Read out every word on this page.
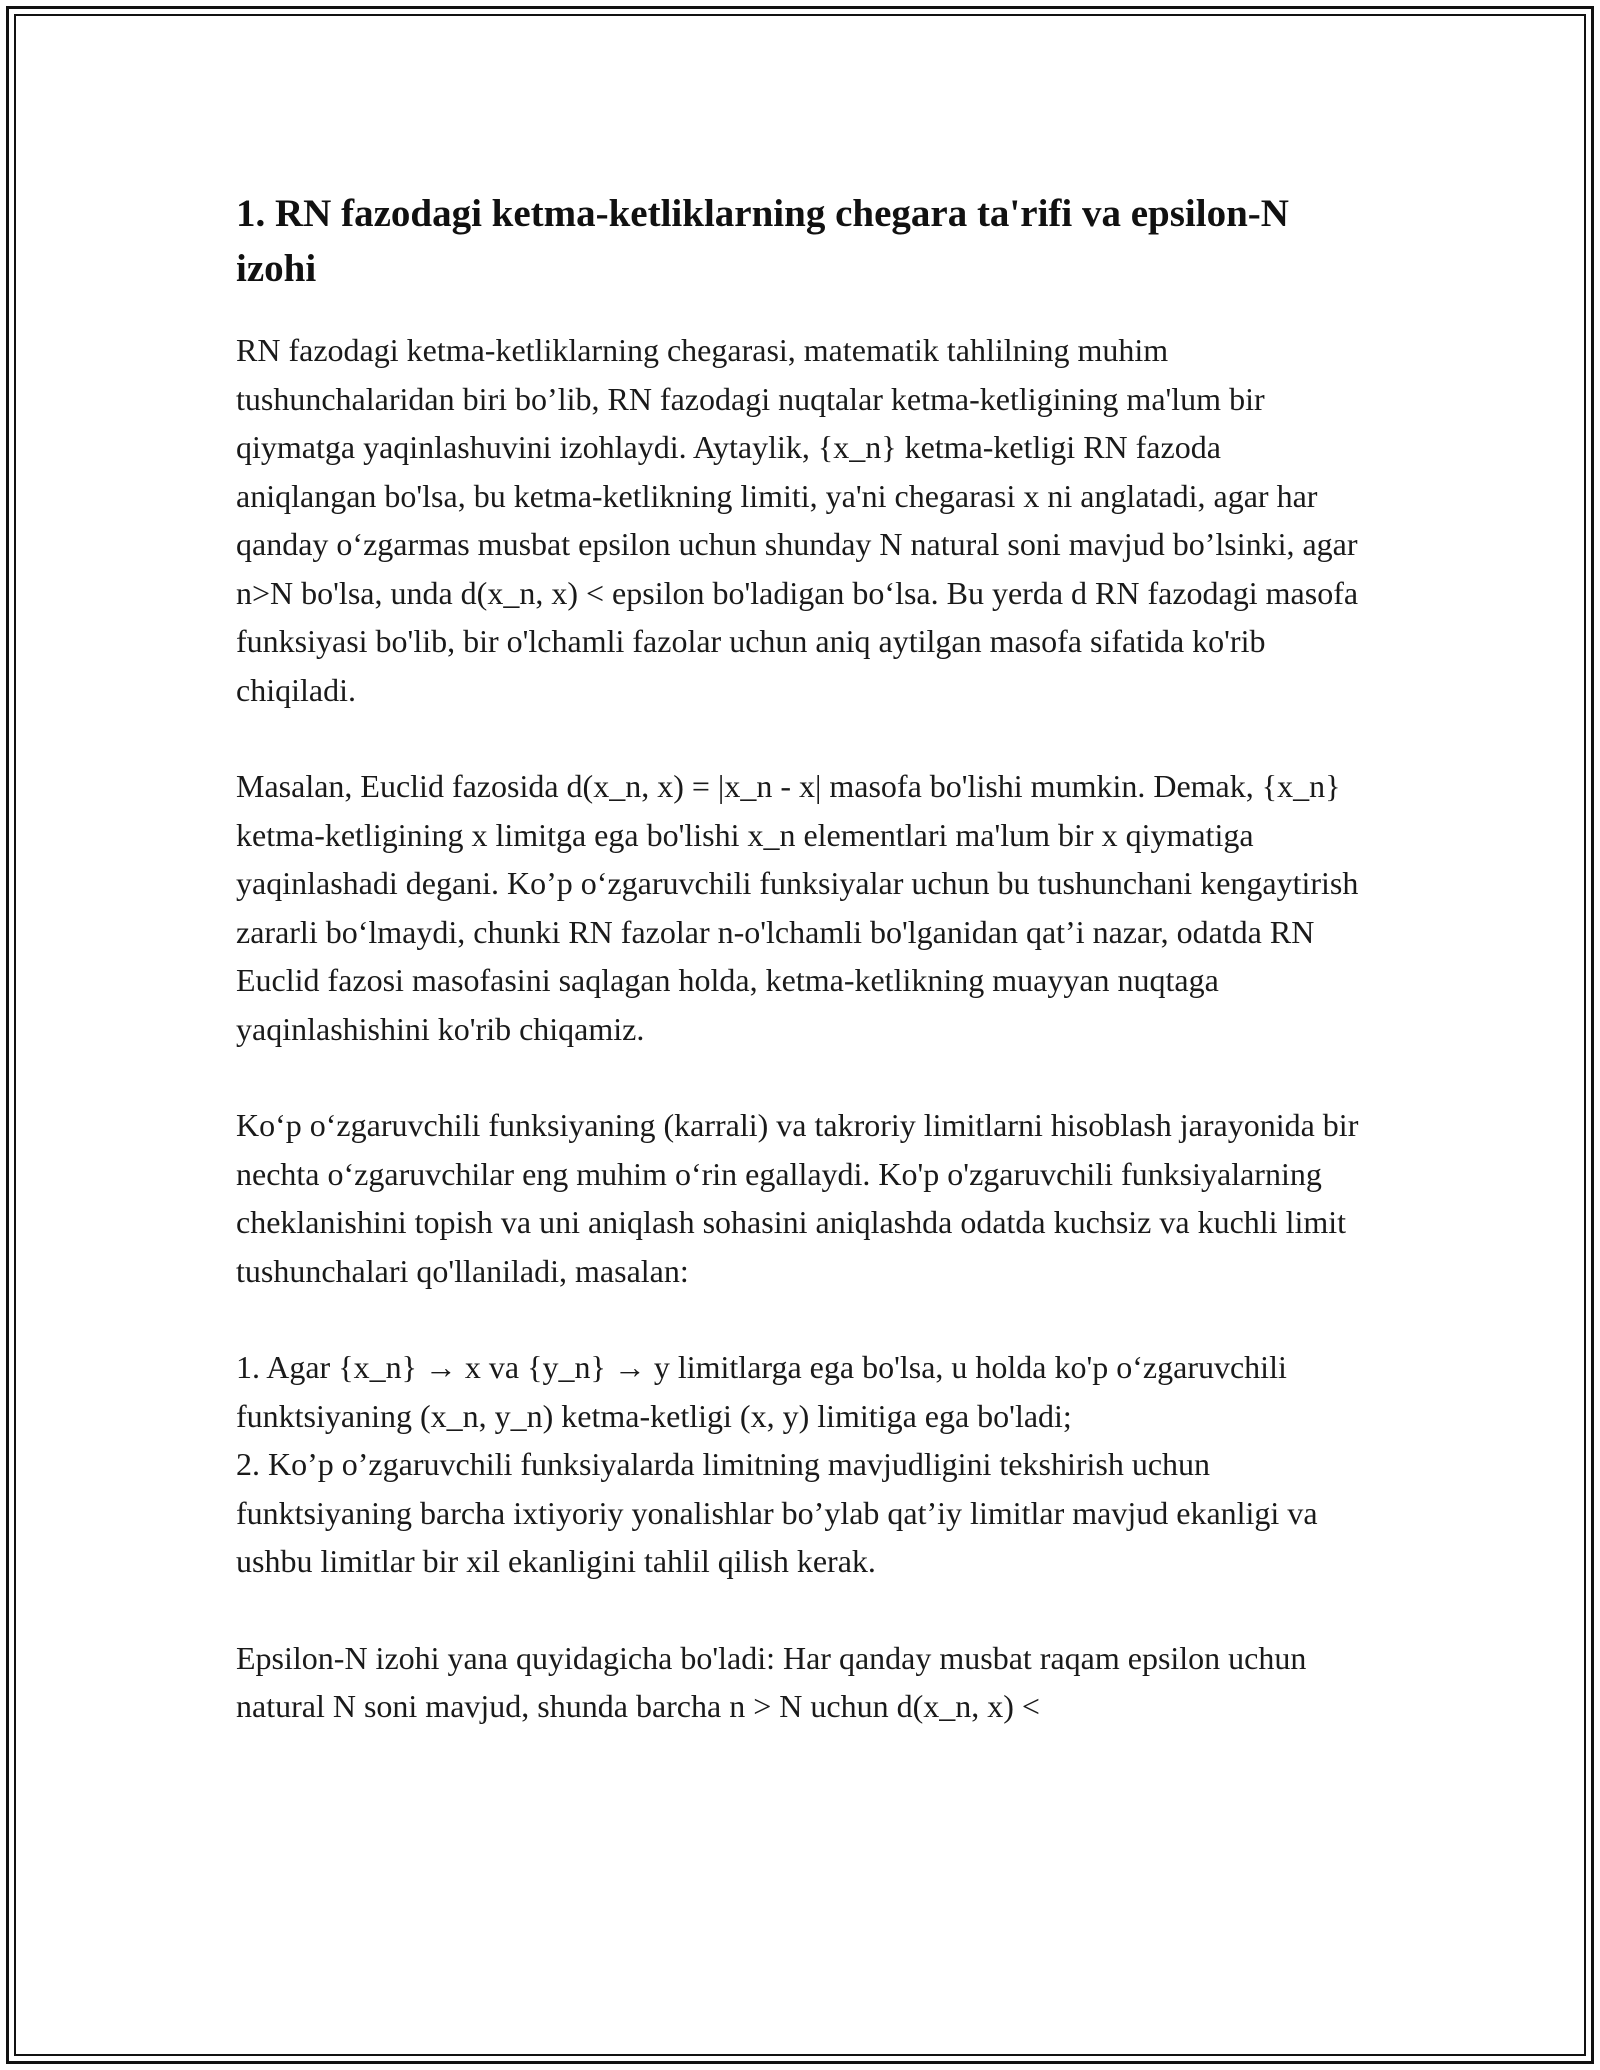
1. RN fazodagi ketma-ketliklarning chegara ta'rifi va epsilon-N izohi

RN fazodagi ketma-ketliklarning chegarasi, matematik tahlilning muhim tushunchalaridan biri bo’lib, RN fazodagi nuqtalar ketma-ketligining ma'lum bir qiymatga yaqinlashuvini izohlaydi. Aytaylik, {x_n} ketma-ketligi RN fazoda aniqlangan bo'lsa, bu ketma-ketlikning limiti, ya'ni chegarasi x ni anglatadi, agar har qanday o‘zgarmas musbat epsilon uchun shunday N natural soni mavjud bo’lsinki, agar n>N bo'lsa, unda d(x_n, x) < epsilon bo'ladigan bo‘lsa. Bu yerda d RN fazodagi masofa funksiyasi bo'lib, bir o'lchamli fazolar uchun aniq aytilgan masofa sifatida ko'rib chiqiladi.

Masalan, Euclid fazosida d(x_n, x) = |x_n - x| masofa bo'lishi mumkin. Demak, {x_n} ketma-ketligining x limitga ega bo'lishi x_n elementlari ma'lum bir x qiymatiga yaqinlashadi degani. Ko’p o‘zgaruvchili funksiyalar uchun bu tushunchani kengaytirish zararli bo‘lmaydi, chunki RN fazolar n-o'lchamli bo'lganidan qat’i nazar, odatda RN Euclid fazosi masofasini saqlagan holda, ketma-ketlikning muayyan nuqtaga yaqinlashishini ko'rib chiqamiz.

Ko‘p o‘zgaruvchili funksiyaning (karrali) va takroriy limitlarni hisoblash jarayonida bir nechta o‘zgaruvchilar eng muhim o‘rin egallaydi. Ko'p o'zgaruvchili funksiyalarning cheklanishini topish va uni aniqlash sohasini aniqlashda odatda kuchsiz va kuchli limit tushunchalari qo'llaniladi, masalan:

1. Agar {x_n} → x va {y_n} → y limitlarga ega bo'lsa, u holda ko'p o‘zgaruvchili funktsiyaning (x_n, y_n) ketma-ketligi (x, y) limitiga ega bo'ladi;
2. Ko’p o’zgaruvchili funksiyalarda limitning mavjudligini tekshirish uchun funktsiyaning barcha ixtiyoriy yonalishlar bo’ylab qat’iy limitlar mavjud ekanligi va ushbu limitlar bir xil ekanligini tahlil qilish kerak.

Epsilon-N izohi yana quyidagicha bo'ladi: Har qanday musbat raqam epsilon uchun natural N soni mavjud, shunda barcha n > N uchun d(x_n, x) <
